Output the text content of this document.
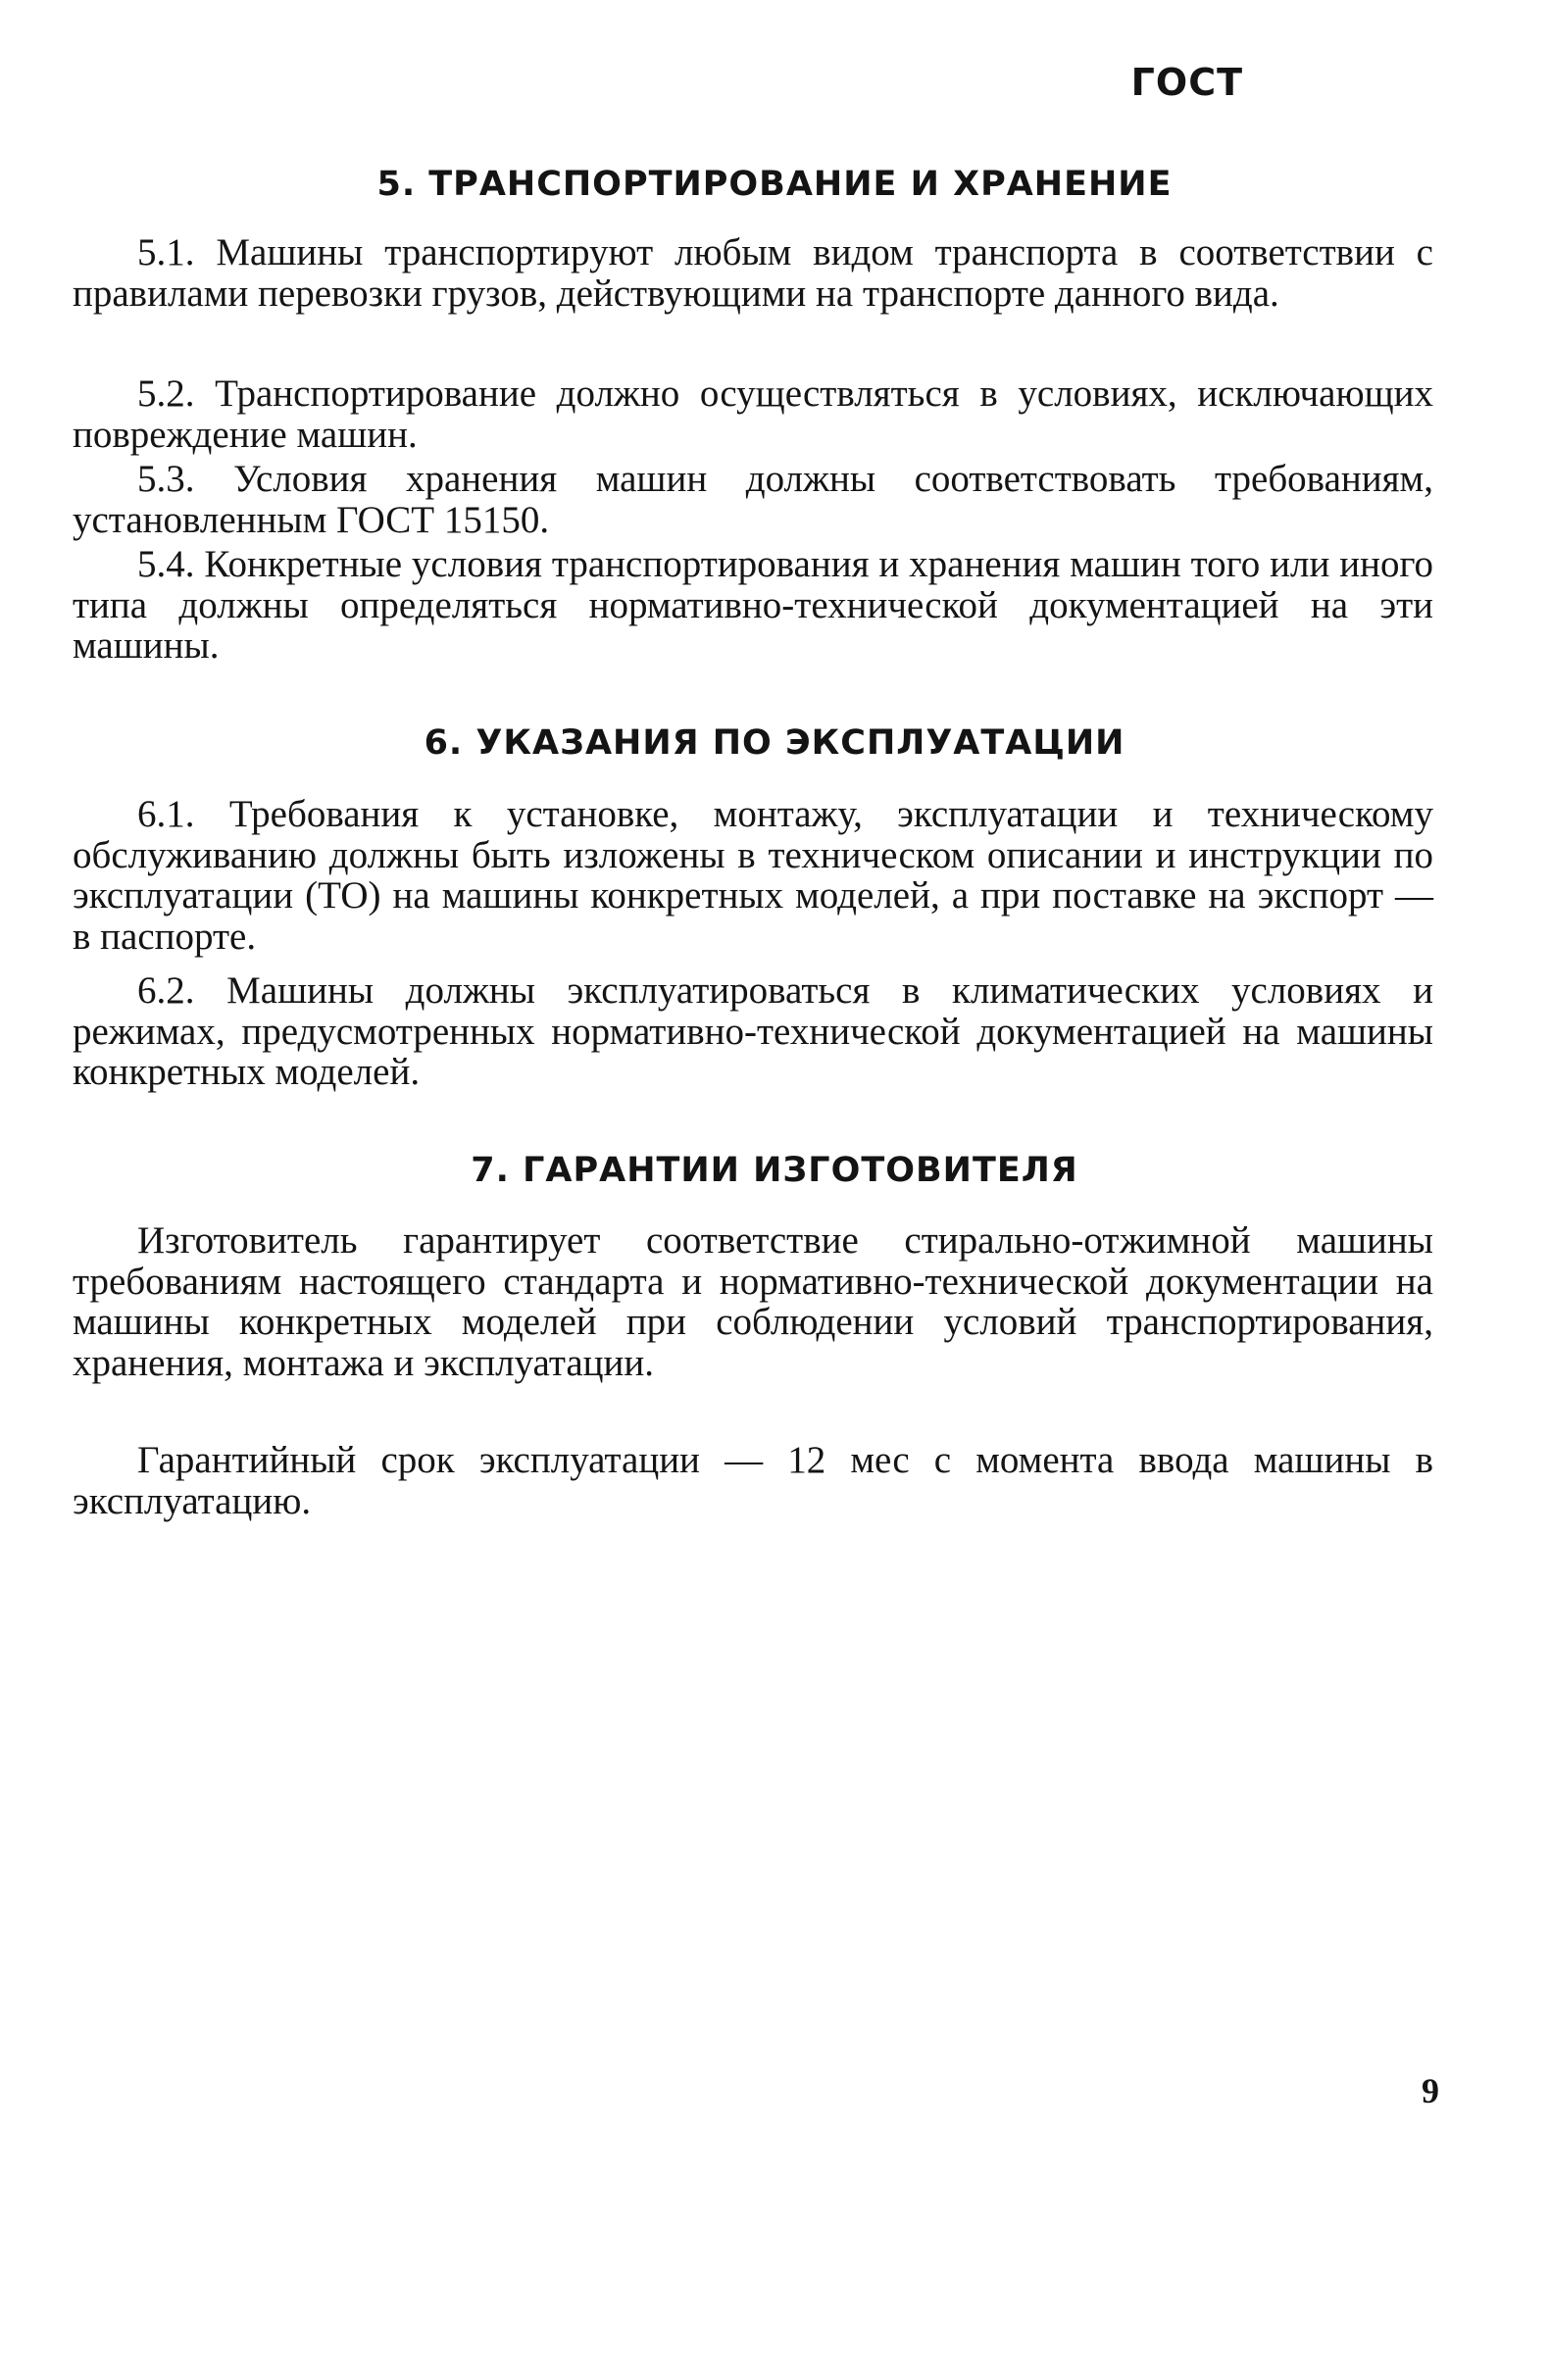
ГОСТ

5. ТРАНСПОРТИРОВАНИЕ И ХРАНЕНИЕ

5.1. Машины транспортируют любым видом транспорта в соответствии с правилами перевозки грузов, действующими на транспорте данного вида.

5.2. Транспортирование должно осуществляться в условиях, исключающих повреждение машин.

5.3. Условия хранения машин должны соответствовать требованиям, установленным ГОСТ 15150.

5.4. Конкретные условия транспортирования и хранения машин того или иного типа должны определяться нормативно-технической документацией на эти машины.

6. УКАЗАНИЯ ПО ЭКСПЛУАТАЦИИ

6.1. Требования к установке, монтажу, эксплуатации и техническому обслуживанию должны быть изложены в техническом описании и инструкции по эксплуатации (ТО) на машины конкретных моделей, а при поставке на экспорт — в паспорте.

6.2. Машины должны эксплуатироваться в климатических условиях и режимах, предусмотренных нормативно-технической документацией на машины конкретных моделей.

7. ГАРАНТИИ ИЗГОТОВИТЕЛЯ

Изготовитель гарантирует соответствие стирально-отжимной машины требованиям настоящего стандарта и нормативно-технической документации на машины конкретных моделей при соблюдении условий транспортирования, хранения, монтажа и эксплуатации.

Гарантийный срок эксплуатации — 12 мес с момента ввода машины в эксплуатацию.

9
